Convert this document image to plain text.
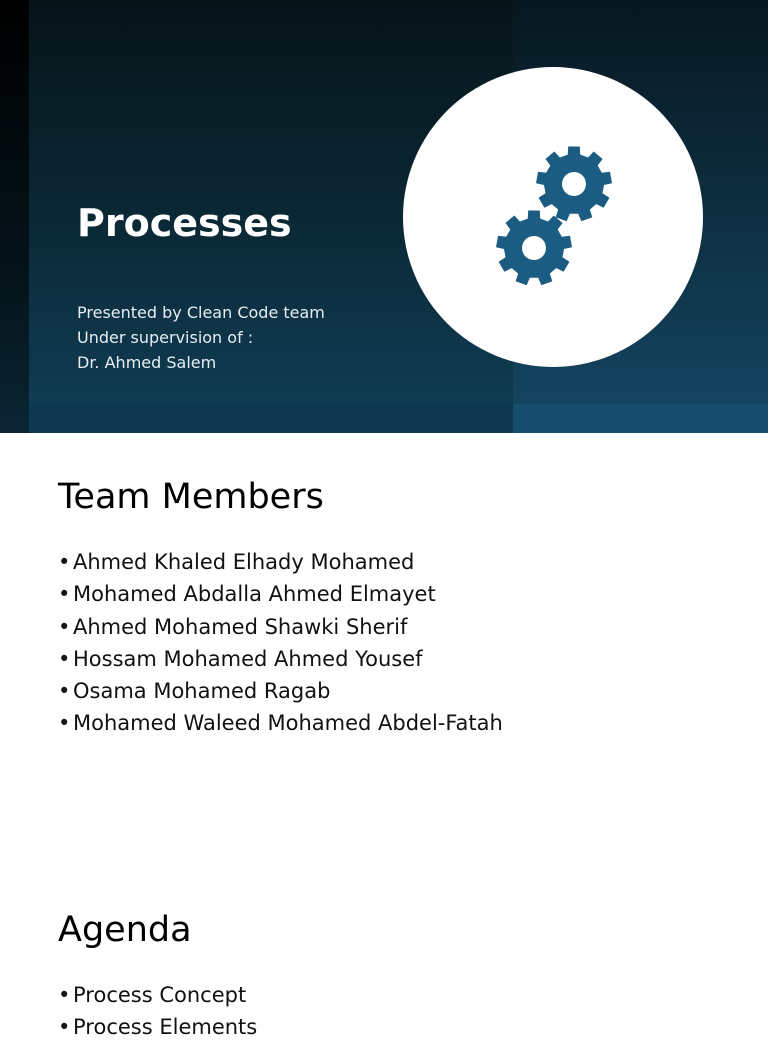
Processes
Presented by Clean Code team
Under supervision of :
Dr. Ahmed Salem
Team Members
• Ahmed Khaled Elhady Mohamed
• Mohamed Abdalla Ahmed Elmayet
• Ahmed Mohamed Shawki Sherif
• Hossam Mohamed Ahmed Yousef
• Osama Mohamed Ragab
• Mohamed Waleed Mohamed Abdel-Fatah
Agenda
• Process Concept
• Process Elements
